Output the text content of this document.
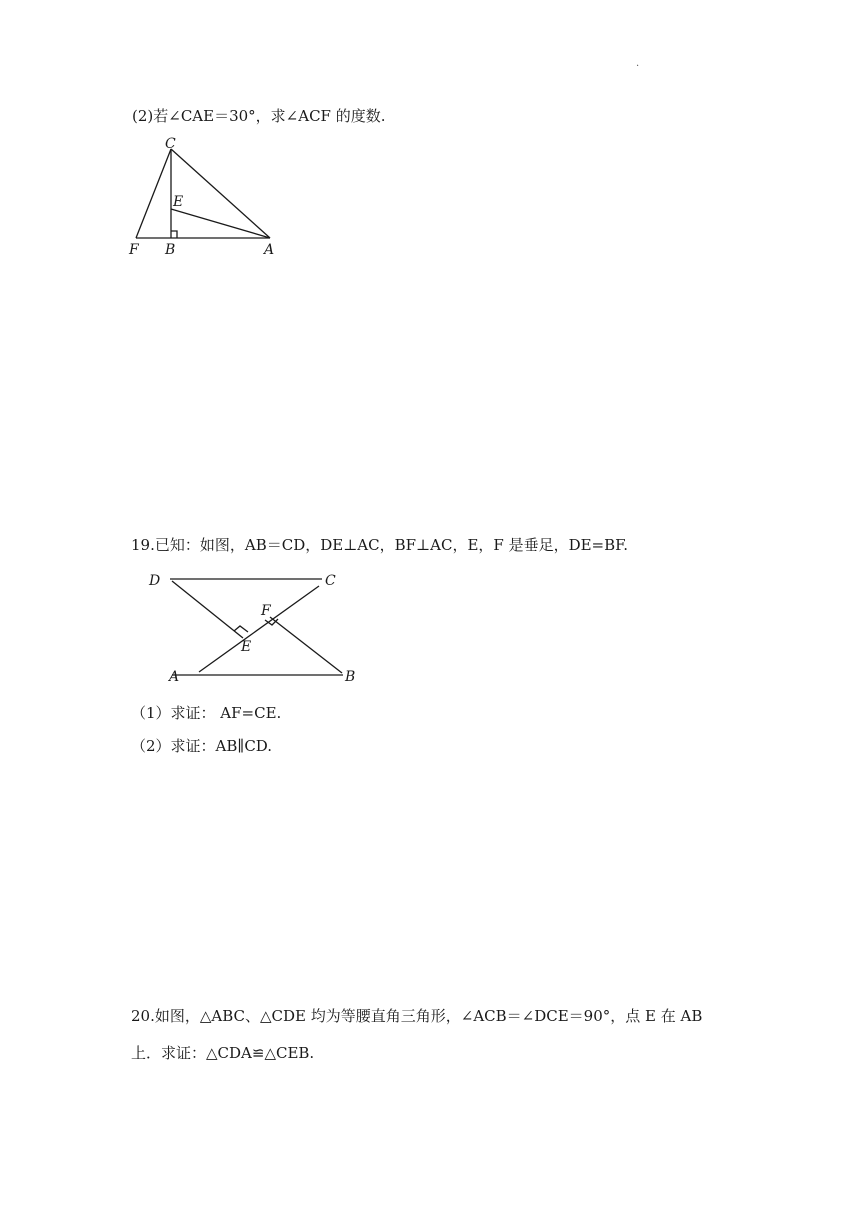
.
(2)若∠CAE＝30°，求∠ACF 的度数.
C
E
F B	A
19.已知：如图，AB＝CD，DE⊥AC，BF⊥AC，E，F 是垂足，DE=BF.
D	C
F
E
A	B
（1）求证： AF=CE.
（2）求证：AB∥CD.
20.如图，△ABC、△CDE 均为等腰直角三角形，∠ACB＝∠DCE＝90°，点 E 在 AB
上．求证：△CDA≌△CEB.
